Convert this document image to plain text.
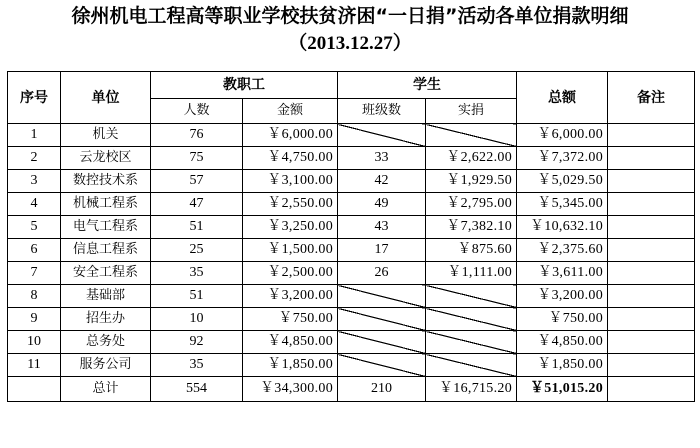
徐州机电工程高等职业学校扶贫济困“一日捐”活动各单位捐款明细
（2013.12.27）
序号	单位	教职工		学生		总额	备注
		人数	金额	班级数	实捐		
1	机关	76	￥6,000.00			￥6,000.00	
2	云龙校区	75	￥4,750.00	33	￥2,622.00	￥7,372.00	
3	数控技术系	57	￥3,100.00	42	￥1,929.50	￥5,029.50	
4	机械工程系	47	￥2,550.00	49	￥2,795.00	￥5,345.00	
5	电气工程系	51	￥3,250.00	43	￥7,382.10	￥10,632.10	
6	信息工程系	25	￥1,500.00	17	￥875.60	￥2,375.60	
7	安全工程系	35	￥2,500.00	26	￥1,111.00	￥3,611.00	
8	基础部	51	￥3,200.00			￥3,200.00	
9	招生办	10	￥750.00			￥750.00	
10	总务处	92	￥4,850.00			￥4,850.00	
11	服务公司	35	￥1,850.00			￥1,850.00	
	总计	554	￥34,300.00	210	￥16,715.20	￥51,015.20	
